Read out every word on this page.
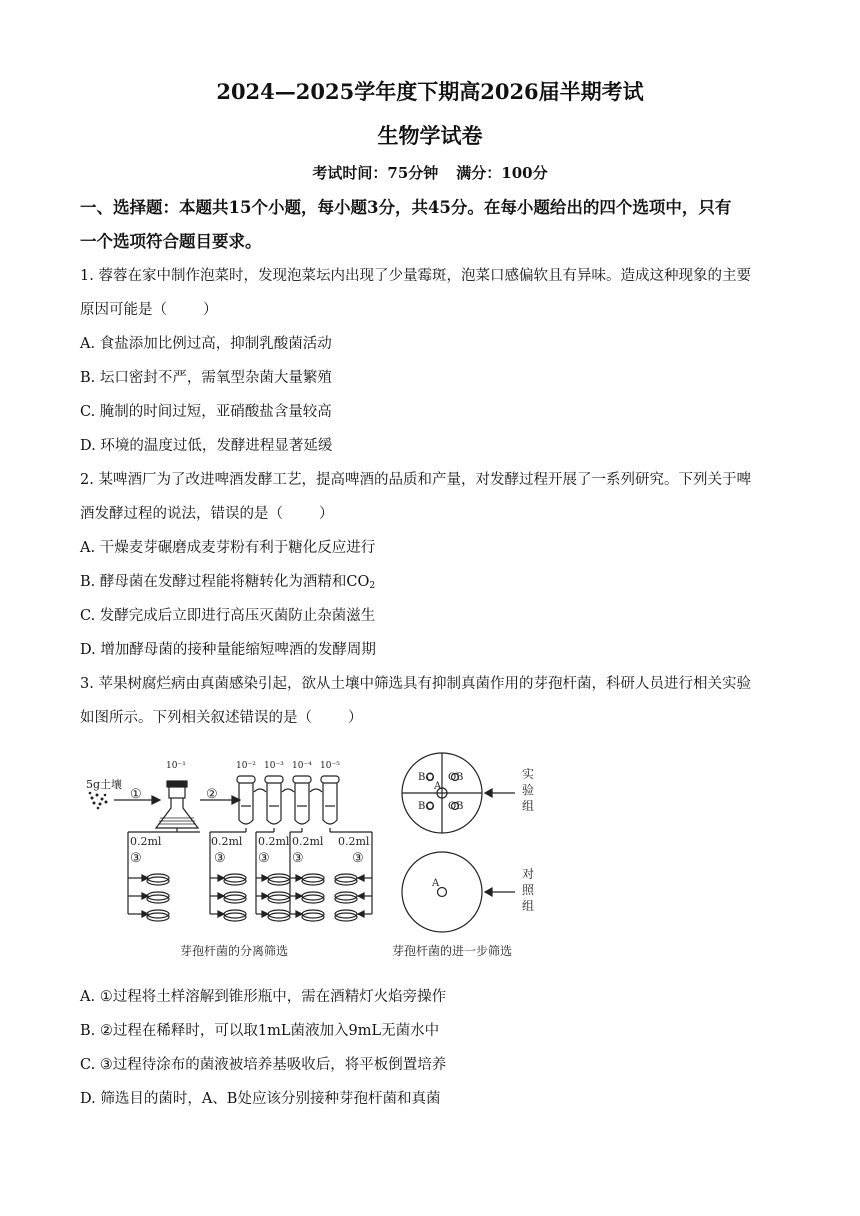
2024—2025学年度下期高2026届半期考试
生物学试卷
考试时间：75分钟 满分：100分
一、选择题：本题共15个小题，每小题3分，共45分。在每小题给出的四个选项中，只有
一个选项符合题目要求。
1. 蓉蓉在家中制作泡菜时，发现泡菜坛内出现了少量霉斑，泡菜口感偏软且有异味。造成这种现象的主要
原因可能是（ ）
A. 食盐添加比例过高，抑制乳酸菌活动
B. 坛口密封不严，需氧型杂菌大量繁殖
C. 腌制的时间过短，亚硝酸盐含量较高
D. 环境的温度过低，发酵进程显著延缓
2. 某啤酒厂为了改进啤酒发酵工艺，提高啤酒的品质和产量，对发酵过程开展了一系列研究。下列关于啤
酒发酵过程的说法，错误的是（ ）
A. 干燥麦芽碾磨成麦芽粉有利于糖化反应进行
B. 酵母菌在发酵过程能将糖转化为酒精和$CO_2$
C. 发酵完成后立即进行高压灭菌防止杂菌滋生
D. 增加酵母菌的接种量能缩短啤酒的发酵周期
3. 苹果树腐烂病由真菌感染引起，欲从土壤中筛选具有抑制真菌作用的芽孢杆菌，科研人员进行相关实验
如图所示。下列相关叙述错误的是（ ）
5g土壤
①	②
10⁻¹	10⁻² 10⁻³ 10⁻⁴ 10⁻⁵
0.2ml	0.2ml 0.2ml 0.2ml 0.2ml
③	③ ③ ③	③
芽孢杆菌的分离筛选	芽孢杆菌的进一步筛选
B O O B
B O O B
A
A
实
验
组
对
照
组
A. ①过程将土样溶解到锥形瓶中，需在酒精灯火焰旁操作
B. ②过程在稀释时，可以取1mL菌液加入9mL无菌水中
C. ③过程待涂布的菌液被培养基吸收后，将平板倒置培养
D. 筛选目的菌时，A、B处应该分别接种芽孢杆菌和真菌
